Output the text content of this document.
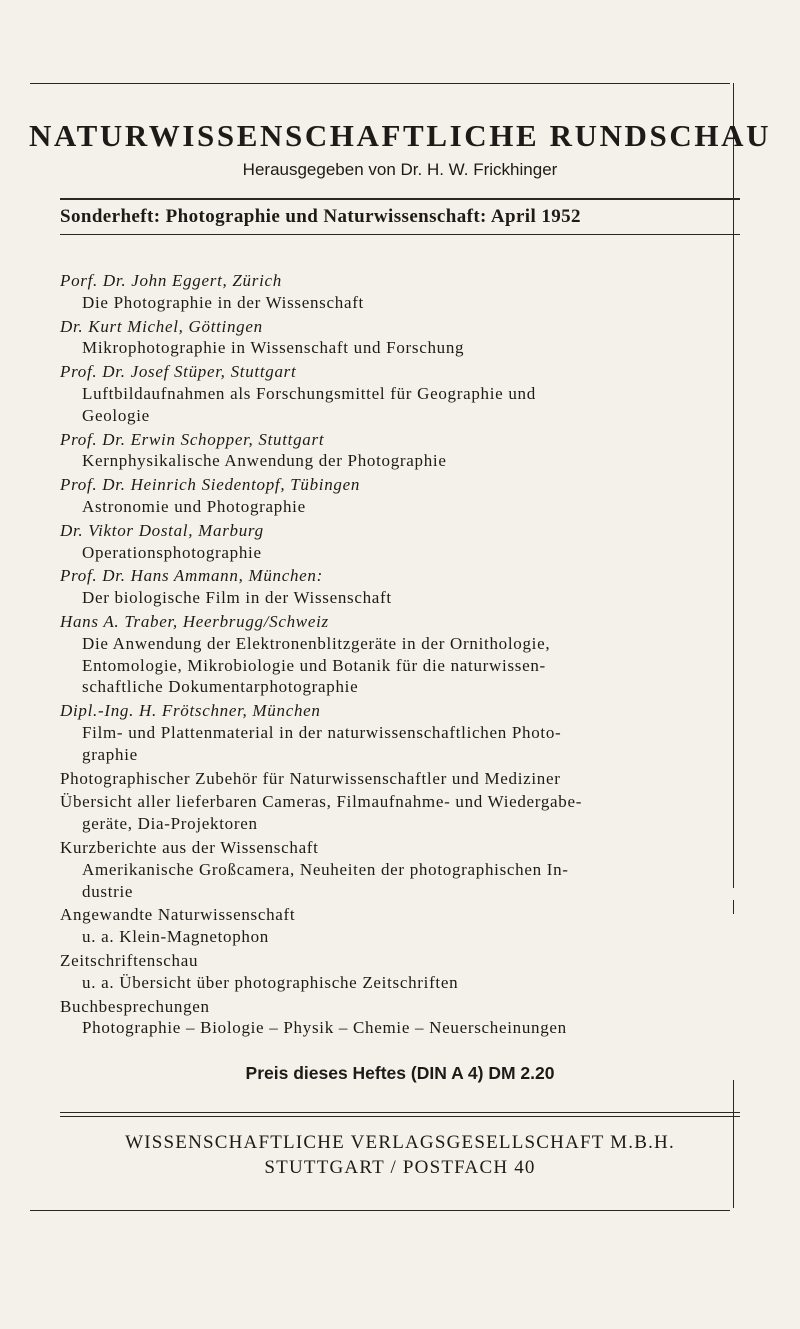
NATURWISSENSCHAFTLICHE RUNDSCHAU
Herausgegeben von Dr. H. W. Frickhinger
Sonderheft: Photographie und Naturwissenschaft: April 1952
Porf. Dr. John Eggert, Zürich
Die Photographie in der Wissenschaft
Dr. Kurt Michel, Göttingen
Mikrophotographie in Wissenschaft und Forschung
Prof. Dr. Josef Stüper, Stuttgart
Luftbildaufnahmen als Forschungsmittel für Geographie und
Geologie
Prof. Dr. Erwin Schopper, Stuttgart
Kernphysikalische Anwendung der Photographie
Prof. Dr. Heinrich Siedentopf, Tübingen
Astronomie und Photographie
Dr. Viktor Dostal, Marburg
Operationsphotographie
Prof. Dr. Hans Ammann, München:
Der biologische Film in der Wissenschaft
Hans A. Traber, Heerbrugg/Schweiz
Die Anwendung der Elektronenblitzgeräte in der Ornithologie,
Entomologie, Mikrobiologie und Botanik für die naturwissen-
schaftliche Dokumentarphotographie
Dipl.-Ing. H. Frötschner, München
Film- und Plattenmaterial in der naturwissenschaftlichen Photo-
graphie
Photographischer Zubehör für Naturwissenschaftler und Mediziner
Übersicht aller lieferbaren Cameras, Filmaufnahme- und Wiedergabe-
geräte, Dia-Projektoren
Kurzberichte aus der Wissenschaft
Amerikanische Großcamera, Neuheiten der photographischen In-
dustrie
Angewandte Naturwissenschaft
u. a. Klein-Magnetophon
Zeitschriftenschau
u. a. Übersicht über photographische Zeitschriften
Buchbesprechungen
Photographie – Biologie – Physik – Chemie – Neuerscheinungen
Preis dieses Heftes (DIN A 4) DM 2.20
WISSENSCHAFTLICHE VERLAGSGESELLSCHAFT M.B.H.
STUTTGART / POSTFACH 40
